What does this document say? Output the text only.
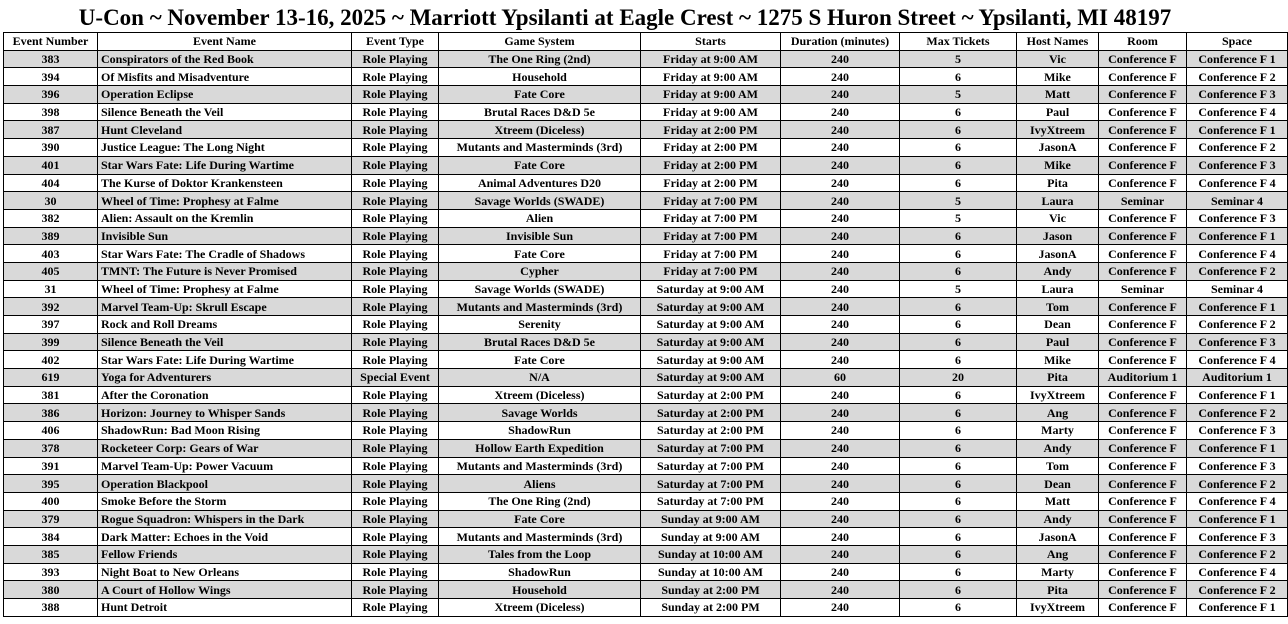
U-Con ~ November 13-16, 2025 ~ Marriott Ypsilanti at Eagle Crest ~ 1275 S Huron Street ~ Ypsilanti, MI 48197
Event Number	Event Name	Event Type	Game System	Starts	Duration (minutes)	Max Tickets	Host Names	Room	Space
383	Conspirators of the Red Book	Role Playing	The One Ring (2nd)	Friday at 9:00 AM	240	5	Vic	Conference F	Conference F 1
394	Of Misfits and Misadventure	Role Playing	Household	Friday at 9:00 AM	240	6	Mike	Conference F	Conference F 2
396	Operation Eclipse	Role Playing	Fate Core	Friday at 9:00 AM	240	5	Matt	Conference F	Conference F 3
398	Silence Beneath the Veil	Role Playing	Brutal Races D&D 5e	Friday at 9:00 AM	240	6	Paul	Conference F	Conference F 4
387	Hunt Cleveland	Role Playing	Xtreem (Diceless)	Friday at 2:00 PM	240	6	IvyXtreem	Conference F	Conference F 1
390	Justice League: The Long Night	Role Playing	Mutants and Masterminds (3rd)	Friday at 2:00 PM	240	6	JasonA	Conference F	Conference F 2
401	Star Wars Fate: Life During Wartime	Role Playing	Fate Core	Friday at 2:00 PM	240	6	Mike	Conference F	Conference F 3
404	The Kurse of Doktor Krankensteen	Role Playing	Animal Adventures D20	Friday at 2:00 PM	240	6	Pita	Conference F	Conference F 4
30	Wheel of Time: Prophesy at Falme	Role Playing	Savage Worlds (SWADE)	Friday at 7:00 PM	240	5	Laura	Seminar	Seminar 4
382	Alien: Assault on the Kremlin	Role Playing	Alien	Friday at 7:00 PM	240	5	Vic	Conference F	Conference F 3
389	Invisible Sun	Role Playing	Invisible Sun	Friday at 7:00 PM	240	6	Jason	Conference F	Conference F 1
403	Star Wars Fate: The Cradle of Shadows	Role Playing	Fate Core	Friday at 7:00 PM	240	6	JasonA	Conference F	Conference F 4
405	TMNT: The Future is Never Promised	Role Playing	Cypher	Friday at 7:00 PM	240	6	Andy	Conference F	Conference F 2
31	Wheel of Time: Prophesy at Falme	Role Playing	Savage Worlds (SWADE)	Saturday at 9:00 AM	240	5	Laura	Seminar	Seminar 4
392	Marvel Team-Up: Skrull Escape	Role Playing	Mutants and Masterminds (3rd)	Saturday at 9:00 AM	240	6	Tom	Conference F	Conference F 1
397	Rock and Roll Dreams	Role Playing	Serenity	Saturday at 9:00 AM	240	6	Dean	Conference F	Conference F 2
399	Silence Beneath the Veil	Role Playing	Brutal Races D&D 5e	Saturday at 9:00 AM	240	6	Paul	Conference F	Conference F 3
402	Star Wars Fate: Life During Wartime	Role Playing	Fate Core	Saturday at 9:00 AM	240	6	Mike	Conference F	Conference F 4
619	Yoga for Adventurers	Special Event	N/A	Saturday at 9:00 AM	60	20	Pita	Auditorium 1	Auditorium 1
381	After the Coronation	Role Playing	Xtreem (Diceless)	Saturday at 2:00 PM	240	6	IvyXtreem	Conference F	Conference F 1
386	Horizon: Journey to Whisper Sands	Role Playing	Savage Worlds	Saturday at 2:00 PM	240	6	Ang	Conference F	Conference F 2
406	ShadowRun: Bad Moon Rising	Role Playing	ShadowRun	Saturday at 2:00 PM	240	6	Marty	Conference F	Conference F 3
378	Rocketeer Corp: Gears of War	Role Playing	Hollow Earth Expedition	Saturday at 7:00 PM	240	6	Andy	Conference F	Conference F 1
391	Marvel Team-Up: Power Vacuum	Role Playing	Mutants and Masterminds (3rd)	Saturday at 7:00 PM	240	6	Tom	Conference F	Conference F 3
395	Operation Blackpool	Role Playing	Aliens	Saturday at 7:00 PM	240	6	Dean	Conference F	Conference F 2
400	Smoke Before the Storm	Role Playing	The One Ring (2nd)	Saturday at 7:00 PM	240	6	Matt	Conference F	Conference F 4
379	Rogue Squadron: Whispers in the Dark	Role Playing	Fate Core	Sunday at 9:00 AM	240	6	Andy	Conference F	Conference F 1
384	Dark Matter: Echoes in the Void	Role Playing	Mutants and Masterminds (3rd)	Sunday at 9:00 AM	240	6	JasonA	Conference F	Conference F 3
385	Fellow Friends	Role Playing	Tales from the Loop	Sunday at 10:00 AM	240	6	Ang	Conference F	Conference F 2
393	Night Boat to New Orleans	Role Playing	ShadowRun	Sunday at 10:00 AM	240	6	Marty	Conference F	Conference F 4
380	A Court of Hollow Wings	Role Playing	Household	Sunday at 2:00 PM	240	6	Pita	Conference F	Conference F 2
388	Hunt Detroit	Role Playing	Xtreem (Diceless)	Sunday at 2:00 PM	240	6	IvyXtreem	Conference F	Conference F 1
